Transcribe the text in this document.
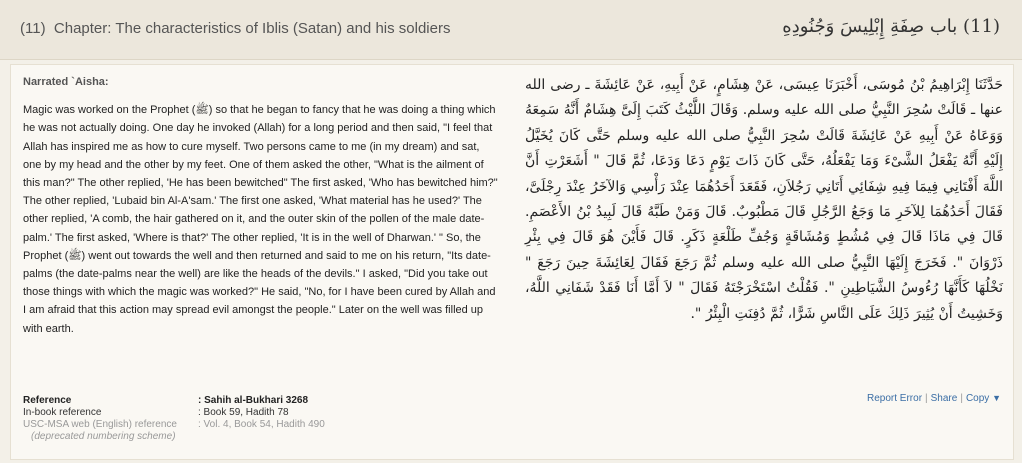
(11) Chapter: The characteristics of Iblis (Satan) and his soldiers	(11) باب صِفَةِ إِبْلِيسَ وَجُنُودِهِ
Narrated `Aisha:

Magic was worked on the Prophet (ﷺ) so that he began to fancy that he was doing a thing which he was not actually doing. One day he invoked (Allah) for a long period and then said, "I feel that Allah has inspired me as how to cure myself. Two persons came to me (in my dream) and sat, one by my head and the other by my feet. One of them asked the other, "What is the ailment of this man?" The other replied, 'He has been bewitched" The first asked, 'Who has bewitched him?" The other replied, 'Lubaid bin Al-A'sam.' The first one asked, 'What material has he used?' The other replied, 'A comb, the hair gathered on it, and the outer skin of the pollen of the male date-palm.' The first asked, 'Where is that?' The other replied, 'It is in the well of Dharwan.' " So, the Prophet (ﷺ) went out towards the well and then returned and said to me on his return, "Its date-palms (the date-palms near the well) are like the heads of the devils." I asked, "Did you take out those things with which the magic was worked?" He said, "No, for I have been cured by Allah and I am afraid that this action may spread evil amongst the people." Later on the well was filled up with earth.

حَدَّثَنَا إِبْرَاهِيمُ بْنُ مُوسَى، أَخْبَرَنَا عِيسَى، عَنْ هِشَامٍ، عَنْ أَبِيهِ، عَنْ عَائِشَةَ ـ رضى الله عنها ـ قَالَتْ سُحِرَ النَّبِيُّ صلى الله عليه وسلم‏.‏ وَقَالَ اللَّيْثُ كَتَبَ إِلَىَّ هِشَامٌ أَنَّهُ سَمِعَهُ وَوَعَاهُ عَنْ أَبِيهِ عَنْ عَائِشَةَ قَالَتْ سُحِرَ النَّبِيُّ صلى الله عليه وسلم حَتَّى كَانَ يُخَيَّلُ إِلَيْهِ أَنَّهُ يَفْعَلُ الشَّىْءَ وَمَا يَفْعَلُهُ، حَتَّى كَانَ ذَاتَ يَوْمٍ دَعَا وَدَعَا، ثُمَّ قَالَ ‏"‏ أَشَعَرْتِ أَنَّ اللَّهَ أَفْتَانِي فِيمَا فِيهِ شِفَائِي أَتَانِي رَجُلاَنِ، فَقَعَدَ أَحَدُهُمَا عِنْدَ رَأْسِي وَالآخَرُ عِنْدَ رِجْلَىَّ، فَقَالَ أَحَدُهُمَا لِلآخَرِ مَا وَجَعُ الرَّجُلِ قَالَ مَطْبُوبٌ‏.‏ قَالَ وَمَنْ طَبَّهُ قَالَ لَبِيدُ بْنُ الأَعْصَمِ‏.‏ قَالَ فِي مَاذَا قَالَ فِي مُشُطٍ وَمُشَاقَةٍ وَجُفِّ طَلْعَةٍ ذَكَرٍ‏.‏ قَالَ فَأَيْنَ هُوَ قَالَ فِي بِئْرِ ذَرْوَانَ ‏"‏‏.‏ فَخَرَجَ إِلَيْهَا النَّبِيُّ صلى الله عليه وسلم ثُمَّ رَجَعَ فَقَالَ لِعَائِشَةَ حِينَ رَجَعَ ‏"‏ نَخْلُهَا كَأَنَّهَا رُءُوسُ الشَّيَاطِينِ ‏"‏‏.‏ فَقُلْتُ اسْتَخْرَجْتَهُ فَقَالَ ‏"‏ لاَ أَمَّا أَنَا فَقَدْ شَفَانِي اللَّهُ، وَخَشِيتُ أَنْ يُثِيرَ ذَلِكَ عَلَى النَّاسِ شَرًّا، ثُمَّ دُفِنَتِ الْبِئْرُ ‏"‏‏.‏
Reference	: Sahih al-Bukhari 3268
In-book reference	: Book 59, Hadith 78
USC-MSA web (English) reference	: Vol. 4, Book 54, Hadith 490
(deprecated numbering scheme)	
Report Error | Share | Copy ▼
